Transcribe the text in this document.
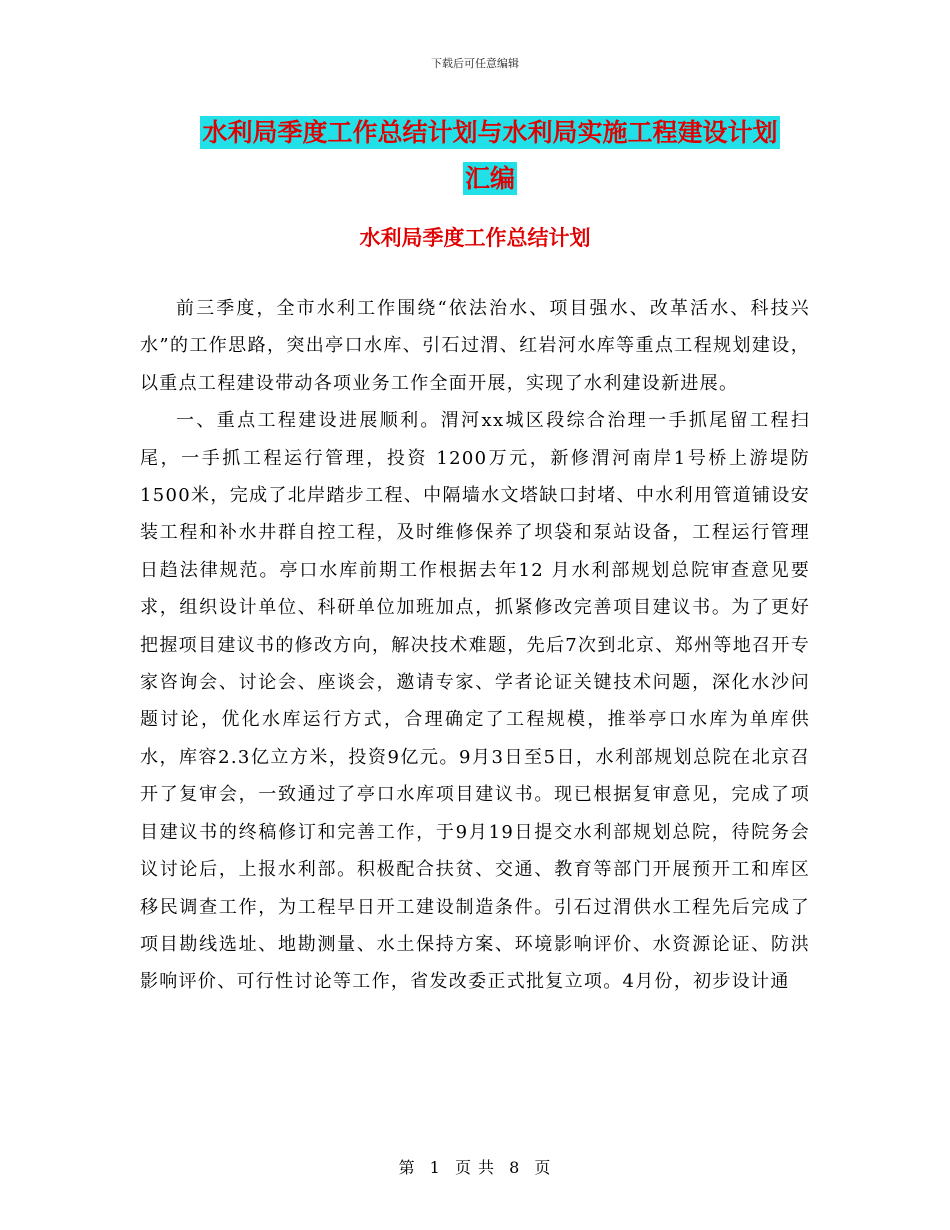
下载后可任意编辑
水利局季度工作总结计划与水利局实施工程建设计划
汇编
水利局季度工作总结计划

前三季度，全市水利工作围绕“依法治水、项目强水、改革活水、科技兴水”的工作思路，突出亭口水库、引石过渭、红岩河水库等重点工程规划建设，以重点工程建设带动各项业务工作全面开展，实现了水利建设新进展。

一、重点工程建设进展顺利。渭河xx城区段综合治理一手抓尾留工程扫尾，一手抓工程运行管理，投资 1200万元，新修渭河南岸1号桥上游堤防1500米，完成了北岸踏步工程、中隔墙水文塔缺口封堵、中水利用管道铺设安装工程和补水井群自控工程，及时维修保养了坝袋和泵站设备，工程运行管理日趋法律规范。亭口水库前期工作根据去年12 月水利部规划总院审查意见要求，组织设计单位、科研单位加班加点，抓紧修改完善项目建议书。为了更好把握项目建议书的修改方向，解决技术难题，先后7次到北京、郑州等地召开专家咨询会、讨论会、座谈会，邀请专家、学者论证关键技术问题，深化水沙问题讨论，优化水库运行方式，合理确定了工程规模，推举亭口水库为单库供水，库容2.3亿立方米，投资9亿元。9月3日至5日，水利部规划总院在北京召开了复审会，一致通过了亭口水库项目建议书。现已根据复审意见，完成了项目建议书的终稿修订和完善工作，于9月19日提交水利部规划总院，待院务会议讨论后，上报水利部。积极配合扶贫、交通、教育等部门开展预开工和库区移民调查工作，为工程早日开工建设制造条件。引石过渭供水工程先后完成了项目勘线选址、地勘测量、水土保持方案、环境影响评价、水资源论证、防洪影响评价、可行性讨论等工作，省发改委正式批复立项。4月份，初步设计通

第 1 页 共 8 页
